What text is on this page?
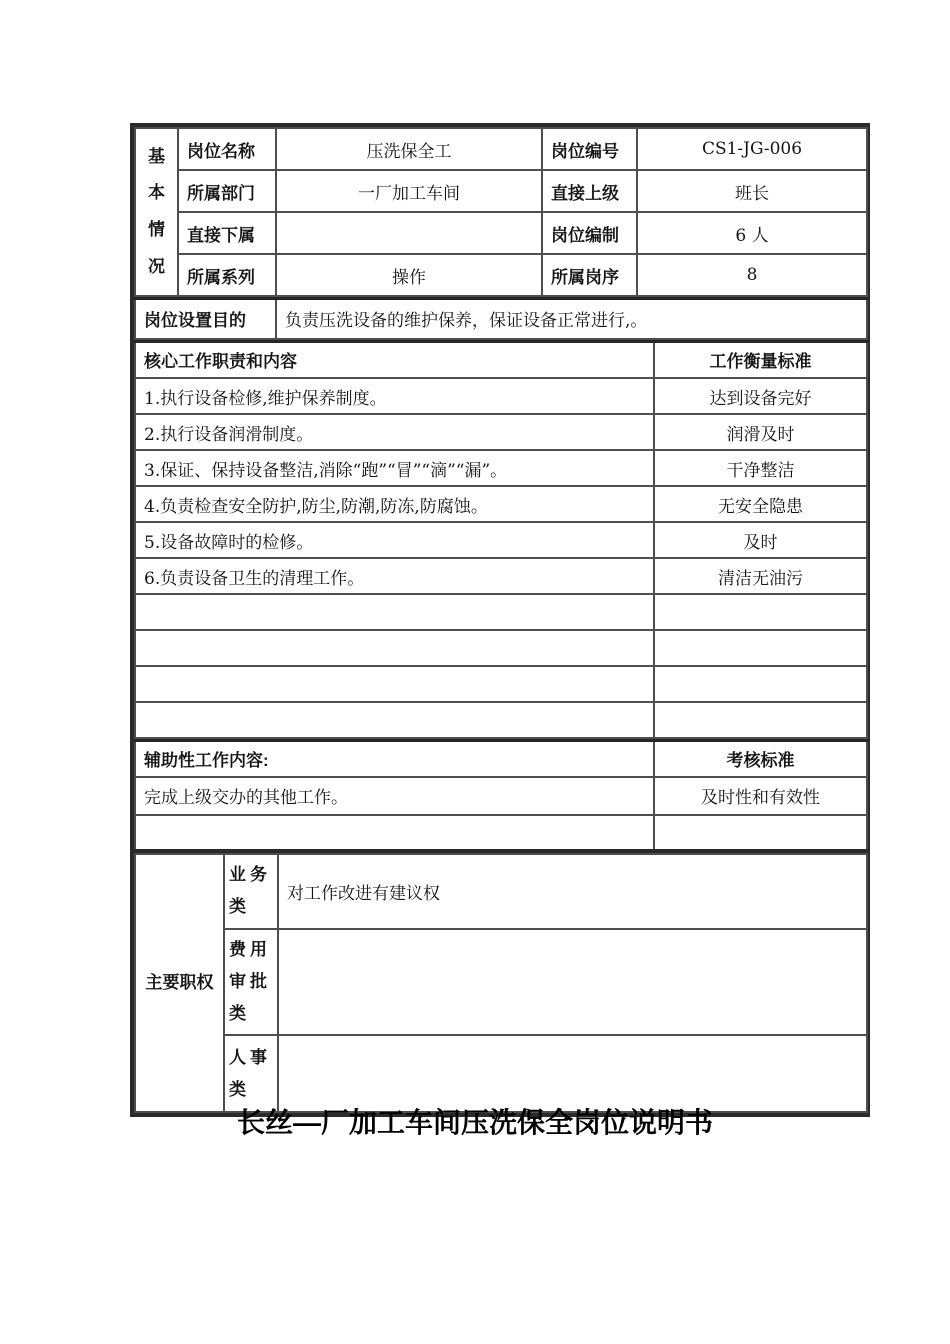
基本情况	岗位名称	压洗保全工	岗位编号	CS1-JG-006
	所属部门	一厂加工车间	直接上级	班长
	直接下属		岗位编制	6 人
	所属系列	操作	所属岗序	8
岗位设置目的	负责压洗设备的维护保养，保证设备正常进行,。
核心工作职责和内容	工作衡量标准
1.执行设备检修,维护保养制度。	达到设备完好
2.执行设备润滑制度。	润滑及时
3.保证、保持设备整洁,消除“跑”“冒”“滴”“漏”。	干净整洁
4.负责检查安全防护,防尘,防潮,防冻,防腐蚀。	无安全隐患
5.设备故障时的检修。	及时
6.负责设备卫生的清理工作。	清洁无油污

辅助性工作内容:	考核标准
完成上级交办的其他工作。	及时性和有效性

主要职权	业务类	对工作改进有建议权
	费用审批类	
	人事类	
长丝—厂加工车间压洗保全岗位说明书
